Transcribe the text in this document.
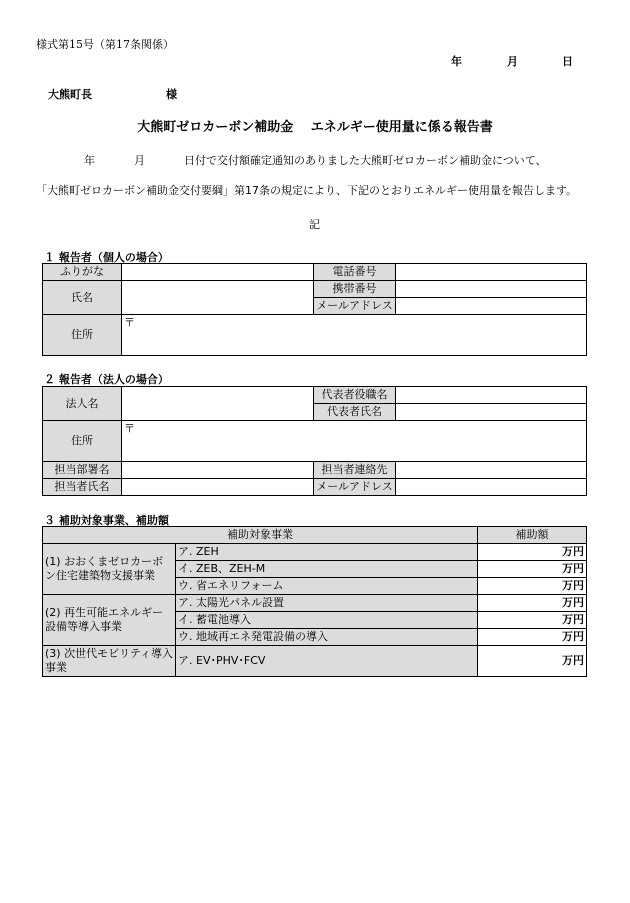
様式第15号（第17条関係）
年	月	日
大熊町長	様
大熊町ゼロカーボン補助金　 エネルギー使用量に係る報告書
年	月	日付で交付額確定通知のありました大熊町ゼロカーボン補助金について、
「大熊町ゼロカーボン補助金交付要綱」第17条の規定により、下記のとおりエネルギー使用量を報告します。
記
１ 報告者（個人の場合）
ふりがな		電話番号	
氏名		携帯番号	
		メールアドレス	
住所	〒		
２ 報告者（法人の場合）
法人名		代表者役職名	
		代表者氏名	
住所	〒		
担当部署名		担当者連絡先	
担当者氏名		メールアドレス	
３ 補助対象事業、補助額
補助対象事業		補助額
(1) おおくまゼロカーボン住宅建築物支援事業	ア. ZEH	万円
	イ. ZEB、ZEH-M	万円
	ウ. 省エネリフォーム	万円
(2) 再生可能エネルギー設備等導入事業	ア. 太陽光パネル設置	万円
	イ. 蓄電池導入	万円
	ウ. 地域再エネ発電設備の導入	万円
(3) 次世代モビリティ導入事業	ア. EV･PHV･FCV	万円
